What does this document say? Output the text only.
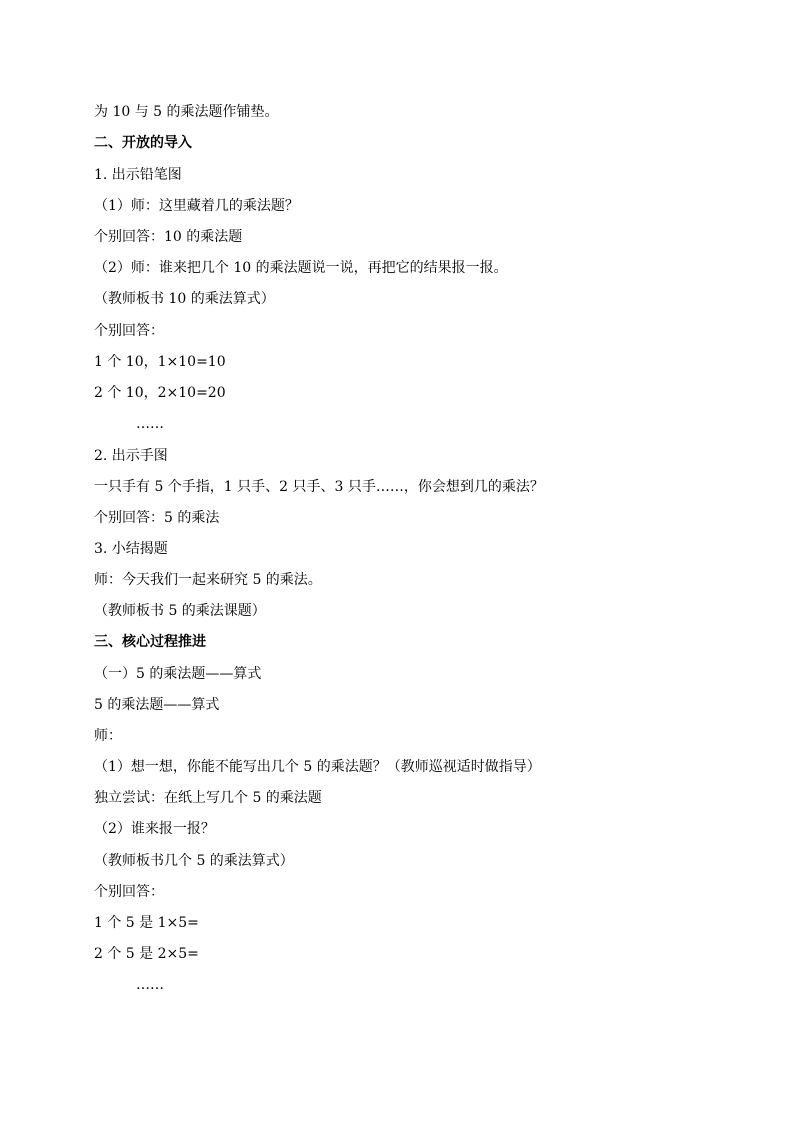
为 10 与 5 的乘法题作铺垫。
二、开放的导入
1. 出示铅笔图
（1）师：这里藏着几的乘法题？
个别回答：10 的乘法题
（2）师：谁来把几个 10 的乘法题说一说，再把它的结果报一报。
（教师板书 10 的乘法算式）
个别回答：
1 个 10，1×10=10
2 个 10，2×10=20
……
2. 出示手图
一只手有 5 个手指，1 只手、2 只手、3 只手……，你会想到几的乘法？
个别回答：5 的乘法
3. 小结揭题
师：今天我们一起来研究 5 的乘法。
（教师板书 5 的乘法课题）
三、核心过程推进
（一）5 的乘法题——算式
5 的乘法题——算式
师：
（1）想一想，你能不能写出几个 5 的乘法题？（教师巡视适时做指导）
独立尝试：在纸上写几个 5 的乘法题
（2）谁来报一报？
（教师板书几个 5 的乘法算式）
个别回答：
1 个 5 是 1×5=
2 个 5 是 2×5=
……
